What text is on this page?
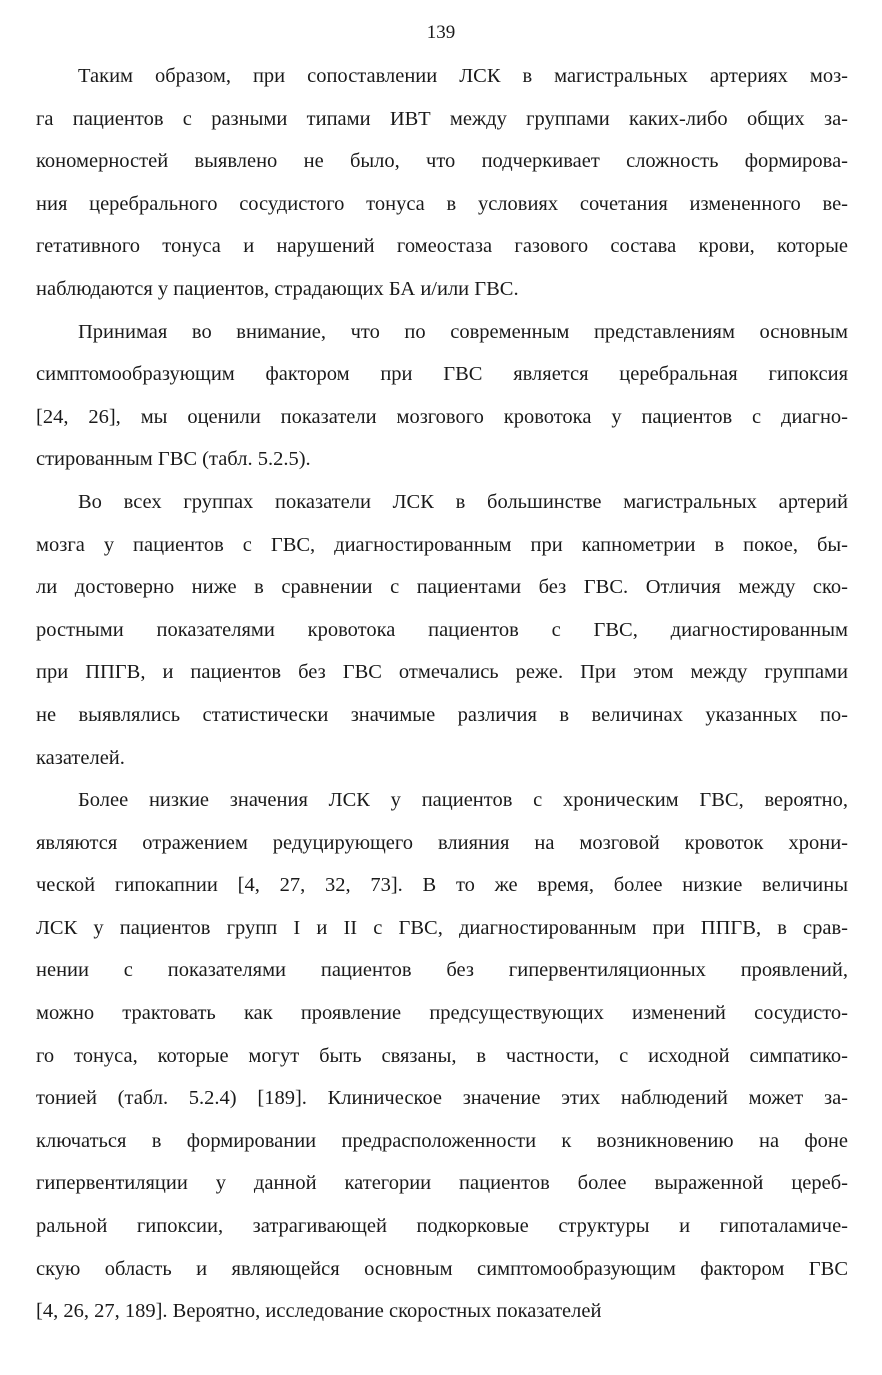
139
Таким образом, при сопоставлении ЛСК в магистральных артериях моз-
га пациентов с разными типами ИВТ между группами каких-либо общих за-
кономерностей выявлено не было, что подчеркивает сложность формирова-
ния церебрального сосудистого тонуса в условиях сочетания измененного ве-
гетативного тонуса и нарушений гомеостаза газового состава крови, которые
наблюдаются у пациентов, страдающих БА и/или ГВС.
Принимая во внимание, что по современным представлениям основным
симптомообразующим фактором при ГВС является церебральная гипоксия
[24, 26], мы оценили показатели мозгового кровотока у пациентов с диагно-
стированным ГВС (табл. 5.2.5).
Во всех группах показатели ЛСК в большинстве магистральных артерий
мозга у пациентов с ГВС, диагностированным при капнометрии в покое, бы-
ли достоверно ниже в сравнении с пациентами без ГВС. Отличия между ско-
ростными показателями кровотока пациентов с ГВС, диагностированным
при ППГВ, и пациентов без ГВС отмечались реже. При этом между группами
не выявлялись статистически значимые различия в величинах указанных по-
казателей.
Более низкие значения ЛСК у пациентов с хроническим ГВС, вероятно,
являются отражением редуцирующего влияния на мозговой кровоток хрони-
ческой гипокапнии [4, 27, 32, 73]. В то же время, более низкие величины
ЛСК у пациентов групп I и II с ГВС, диагностированным при ППГВ, в срав-
нении с показателями пациентов без гипервентиляционных проявлений,
можно трактовать как проявление предсуществующих изменений сосудисто-
го тонуса, которые могут быть связаны, в частности, с исходной симпатико-
тонией (табл. 5.2.4) [189]. Клиническое значение этих наблюдений может за-
ключаться в формировании предрасположенности к возникновению на фоне
гипервентиляции у данной категории пациентов более выраженной цереб-
ральной гипоксии, затрагивающей подкорковые структуры и гипоталамиче-
скую область и являющейся основным симптомообразующим фактором ГВС
[4, 26, 27, 189]. Вероятно, исследование скоростных показателей
